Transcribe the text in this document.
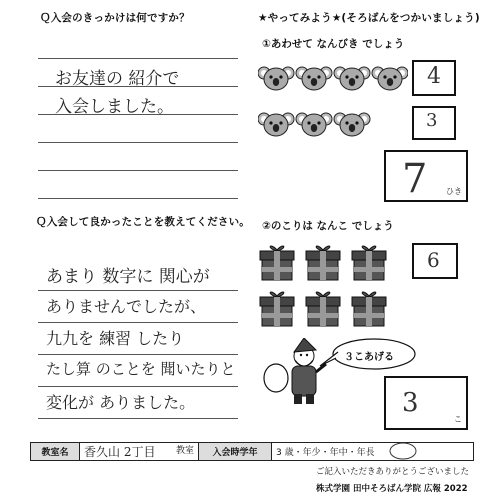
Ｑ入会のきっかけは何ですか？
お友達の 紹介で
入会しました。
Ｑ入会して良かったことを教えてください。
あまり 数字に 関心が
ありませんでしたが、
九九を 練習 したり
たし算 のことを 聞いたりと
変化が ありました。
★やってみよう★(そろばんをつかいましょう)
①あわせて なんびき でしょう
4
3
7 ひき
②のこりは なんこ でしょう
6
３こあげる
3
こ
教室名	香久山 2丁目 教室	入会時学年	3 歳・年少・年中・年長
ご記入いただきありがとうございました
株式学園 田中そろばん学院 広報 2022
